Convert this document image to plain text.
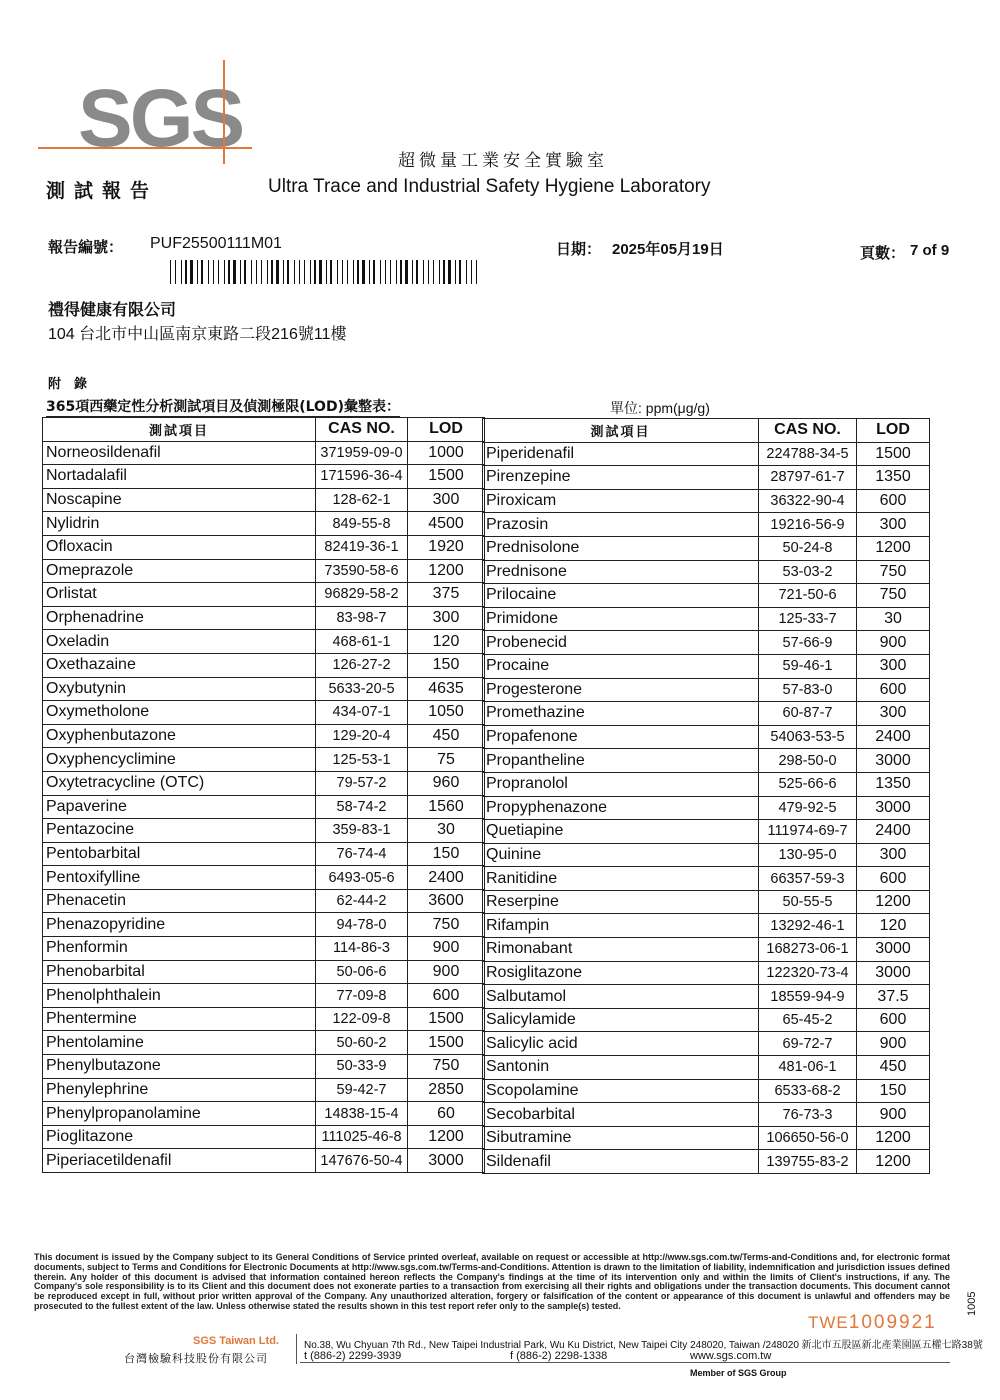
SGS	超微量工業安全實驗室
測試報告	Ultra Trace and Industrial Safety Hygiene Laboratory
報告編號： PUF25500111M01	日期： 2025年05月19日	頁數： 7 of 9
禮得健康有限公司
104 台北市中山區南京東路二段216號11樓
附　錄
365項西藥定性分析測試項目及偵測極限(LOD)彙整表：	單位: ppm(μg/g)
測試項目	CAS NO.	LOD
Norneosildenafil	371959-09-0	1000
Nortadalafil	171596-36-4	1500
Noscapine	128-62-1	300
Nylidrin	849-55-8	4500
Ofloxacin	82419-36-1	1920
Omeprazole	73590-58-6	1200
Orlistat	96829-58-2	375
Orphenadrine	83-98-7	300
Oxeladin	468-61-1	120
Oxethazaine	126-27-2	150
Oxybutynin	5633-20-5	4635
Oxymetholone	434-07-1	1050
Oxyphenbutazone	129-20-4	450
Oxyphencyclimine	125-53-1	75
Oxytetracycline (OTC)	79-57-2	960
Papaverine	58-74-2	1560
Pentazocine	359-83-1	30
Pentobarbital	76-74-4	150
Pentoxifylline	6493-05-6	2400
Phenacetin	62-44-2	3600
Phenazopyridine	94-78-0	750
Phenformin	114-86-3	900
Phenobarbital	50-06-6	900
Phenolphthalein	77-09-8	600
Phentermine	122-09-8	1500
Phentolamine	50-60-2	1500
Phenylbutazone	50-33-9	750
Phenylephrine	59-42-7	2850
Phenylpropanolamine	14838-15-4	60
Pioglitazone	111025-46-8	1200
Piperiacetildenafil	147676-50-4	3000
測試項目	CAS NO.	LOD
Piperidenafil	224788-34-5	1500
Pirenzepine	28797-61-7	1350
Piroxicam	36322-90-4	600
Prazosin	19216-56-9	300
Prednisolone	50-24-8	1200
Prednisone	53-03-2	750
Prilocaine	721-50-6	750
Primidone	125-33-7	30
Probenecid	57-66-9	900
Procaine	59-46-1	300
Progesterone	57-83-0	600
Promethazine	60-87-7	300
Propafenone	54063-53-5	2400
Propantheline	298-50-0	3000
Propranolol	525-66-6	1350
Propyphenazone	479-92-5	3000
Quetiapine	111974-69-7	2400
Quinine	130-95-0	300
Ranitidine	66357-59-3	600
Reserpine	50-55-5	1200
Rifampin	13292-46-1	120
Rimonabant	168273-06-1	3000
Rosiglitazone	122320-73-4	3000
Salbutamol	18559-94-9	37.5
Salicylamide	65-45-2	600
Salicylic acid	69-72-7	900
Santonin	481-06-1	450
Scopolamine	6533-68-2	150
Secobarbital	76-73-3	900
Sibutramine	106650-56-0	1200
Sildenafil	139755-83-2	1200
This document is issued by the Company subject to its General Conditions of Service printed overleaf, available on request or accessible at http://www.sgs.com.tw/Terms-and-Conditions and, for electronic format documents, subject to Terms and Conditions for Electronic Documents at http://www.sgs.com.tw/Terms-and-Conditions. Attention is drawn to the limitation of liability, indemnification and jurisdiction issues defined therein. Any holder of this document is advised that information contained hereon reflects the Company's findings at the time of its intervention only and within the limits of Client's instructions, if any. The Company's sole responsibility is to its Client and this document does not exonerate parties to a transaction from exercising all their rights and obligations under the transaction documents. This document cannot be reproduced except in full, without prior written approval of the Company. Any unauthorized alteration, forgery or falsification of the content or appearance of this document is unlawful and offenders may be prosecuted to the fullest extent of the law. Unless otherwise stated the results shown in this test report refer only to the sample(s) tested.
TWE1009921
1005
SGS Taiwan Ltd.
台灣檢驗科技股份有限公司
No.38, Wu Chyuan 7th Rd., New Taipei Industrial Park, Wu Ku District, New Taipei City 248020, Taiwan /248020 新北市五股區新北產業園區五權七路38號
t (886-2) 2299-3939	f (886-2) 2298-1338	www.sgs.com.tw
Member of SGS Group
